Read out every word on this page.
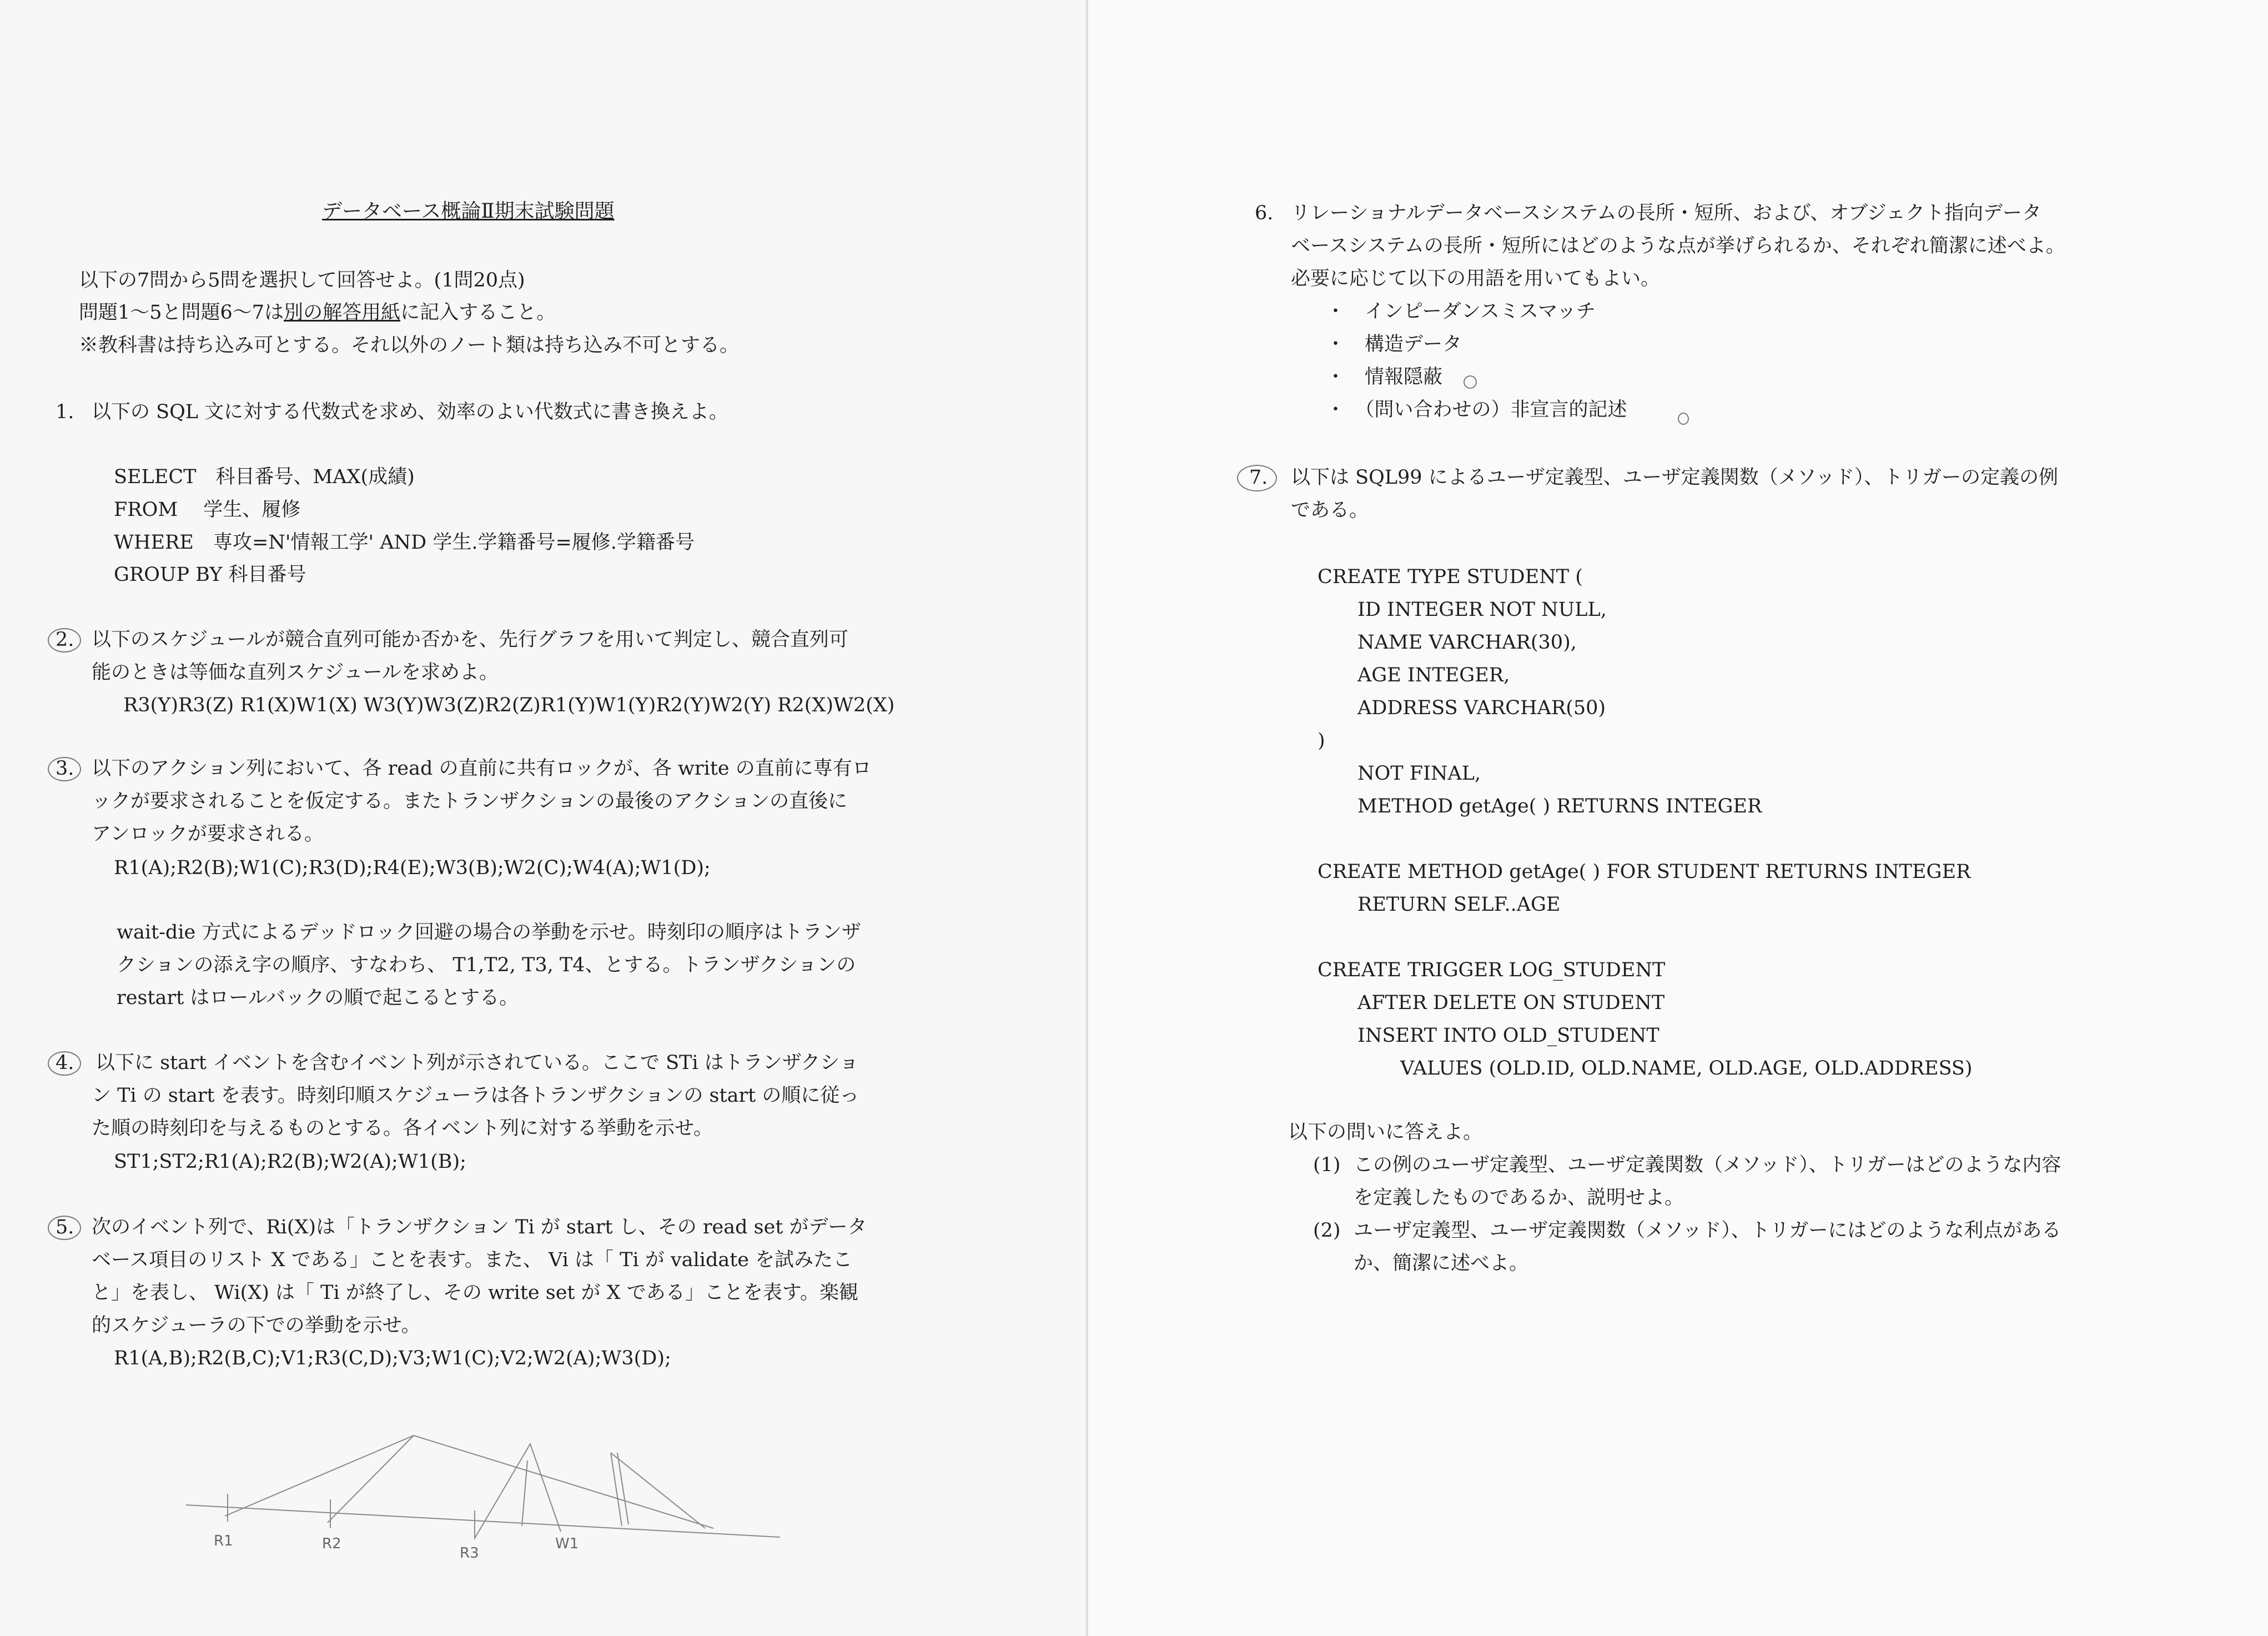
データベース概論Ⅱ期末試験問題
以下の7問から5問を選択して回答せよ。(1問20点)
問題1～5と問題6～7は別の解答用紙に記入すること。
※教科書は持ち込み可とする。それ以外のノート類は持ち込み不可とする。
1. 以下の SQL 文に対する代数式を求め、効率のよい代数式に書き換えよ。
SELECT　科目番号、MAX(成績)
FROM　 学生、履修
WHERE　専攻=N'情報工学' AND 学生.学籍番号=履修.学籍番号
GROUP BY 科目番号
2. 以下のスケジュールが競合直列可能か否かを、先行グラフを用いて判定し、競合直列可
能のときは等価な直列スケジュールを求めよ。
R3(Y)R3(Z) R1(X)W1(X) W3(Y)W3(Z)R2(Z)R1(Y)W1(Y)R2(Y)W2(Y) R2(X)W2(X)
3. 以下のアクション列において、各 read の直前に共有ロックが、各 write の直前に専有ロ
ックが要求されることを仮定する。またトランザクションの最後のアクションの直後に
アンロックが要求される。
R1(A);R2(B);W1(C);R3(D);R4(E);W3(B);W2(C);W4(A);W1(D);
wait-die 方式によるデッドロック回避の場合の挙動を示せ。時刻印の順序はトランザ
クションの添え字の順序、すなわち、 T1,T2, T3, T4、とする。トランザクションの
restart はロールバックの順で起こるとする。
4. 以下に start イベントを含むイベント列が示されている。ここで STi はトランザクショ
ン Ti の start を表す。時刻印順スケジューラは各トランザクションの start の順に従っ
た順の時刻印を与えるものとする。各イベント列に対する挙動を示せ。
ST1;ST2;R1(A);R2(B);W2(A);W1(B);
5. 次のイベント列で、Ri(X)は「トランザクション Ti が start し、その read set がデータ
ベース項目のリスト X である」ことを表す。また、 Vi は「 Ti が validate を試みたこ
と」を表し、 Wi(X) は「 Ti が終了し、その write set が X である」ことを表す。楽観
的スケジューラの下での挙動を示せ。
R1(A,B);R2(B,C);V1;R3(C,D);V3;W1(C);V2;W2(A);W3(D);
R1	R2
R3
W1
6. リレーショナルデータベースシステムの長所・短所、および、オブジェクト指向データ
ベースシステムの長所・短所にはどのような点が挙げられるか、それぞれ簡潔に述べよ。
必要に応じて以下の用語を用いてもよい。
・　インピーダンスミスマッチ
・　構造データ
・　情報隠蔽
・　（問い合わせの）非宣言的記述
7. 以下は SQL99 によるユーザ定義型、ユーザ定義関数（メソッド）、トリガーの定義の例
である。
CREATE TYPE STUDENT (
ID INTEGER NOT NULL,
NAME VARCHAR(30),
AGE INTEGER,
ADDRESS VARCHAR(50)
)
NOT FINAL,
METHOD getAge( ) RETURNS INTEGER
CREATE METHOD getAge( ) FOR STUDENT RETURNS INTEGER
RETURN SELF..AGE
CREATE TRIGGER LOG_STUDENT
AFTER DELETE ON STUDENT
INSERT INTO OLD_STUDENT
VALUES (OLD.ID, OLD.NAME, OLD.AGE, OLD.ADDRESS)
以下の問いに答えよ。
(1) この例のユーザ定義型、ユーザ定義関数（メソッド）、トリガーはどのような内容
を定義したものであるか、説明せよ。
(2) ユーザ定義型、ユーザ定義関数（メソッド）、トリガーにはどのような利点がある
か、簡潔に述べよ。
